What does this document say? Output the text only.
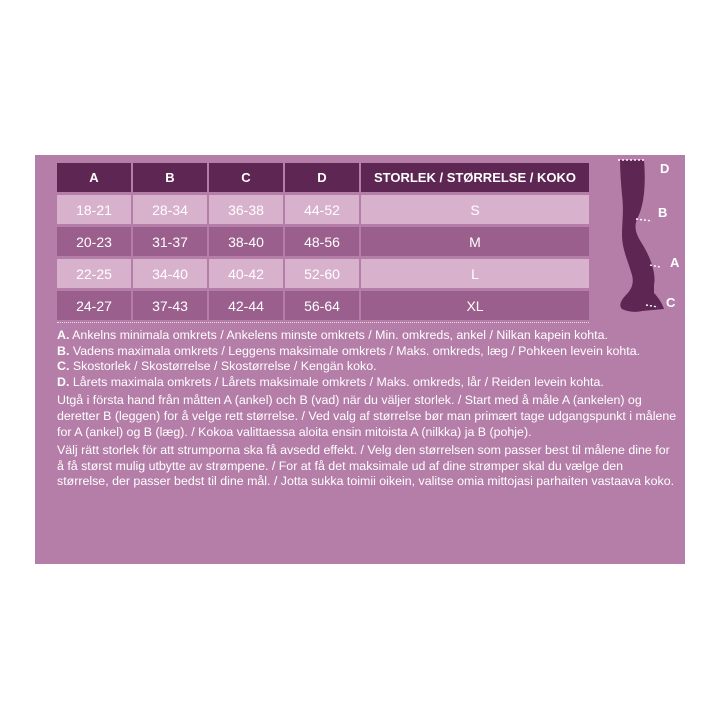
A	B	C	D	STORLEK / STØRRELSE / KOKO
18-21	28-34	36-38	44-52	S
20-23	31-37	38-40	48-56	M
22-25	34-40	40-42	52-60	L
24-27	37-43	42-44	56-64	XL
D
B
A
C

A. Ankelns minimala omkrets / Ankelens minste omkrets / Min. omkreds, ankel / Nilkan kapein kohta.

B. Vadens maximala omkrets / Leggens maksimale omkrets / Maks. omkreds, læg / Pohkeen levein kohta.

C. Skostorlek / Skostørrelse / Skostørrelse / Kengän koko.

D. Lårets maximala omkrets / Lårets maksimale omkrets / Maks. omkreds, lår / Reiden levein kohta.

Utgå i första hand från måtten A (ankel) och B (vad) när du väljer storlek. / Start med å måle A (ankelen) og deretter B (leggen) for å velge rett størrelse. / Ved valg af størrelse bør man primært tage udgangspunkt i målene for A (ankel) og B (læg). / Kokoa valittaessa aloita ensin mitoista A (nilkka) ja B (pohje).

Välj rätt storlek för att strumporna ska få avsedd effekt. / Velg den størrelsen som passer best til målene dine for å få størst mulig utbytte av strømpene. / For at få det maksimale ud af dine strømper skal du vælge den størrelse, der passer bedst til dine mål. / Jotta sukka toimii oikein, valitse omia mittojasi parhaiten vastaava koko.
